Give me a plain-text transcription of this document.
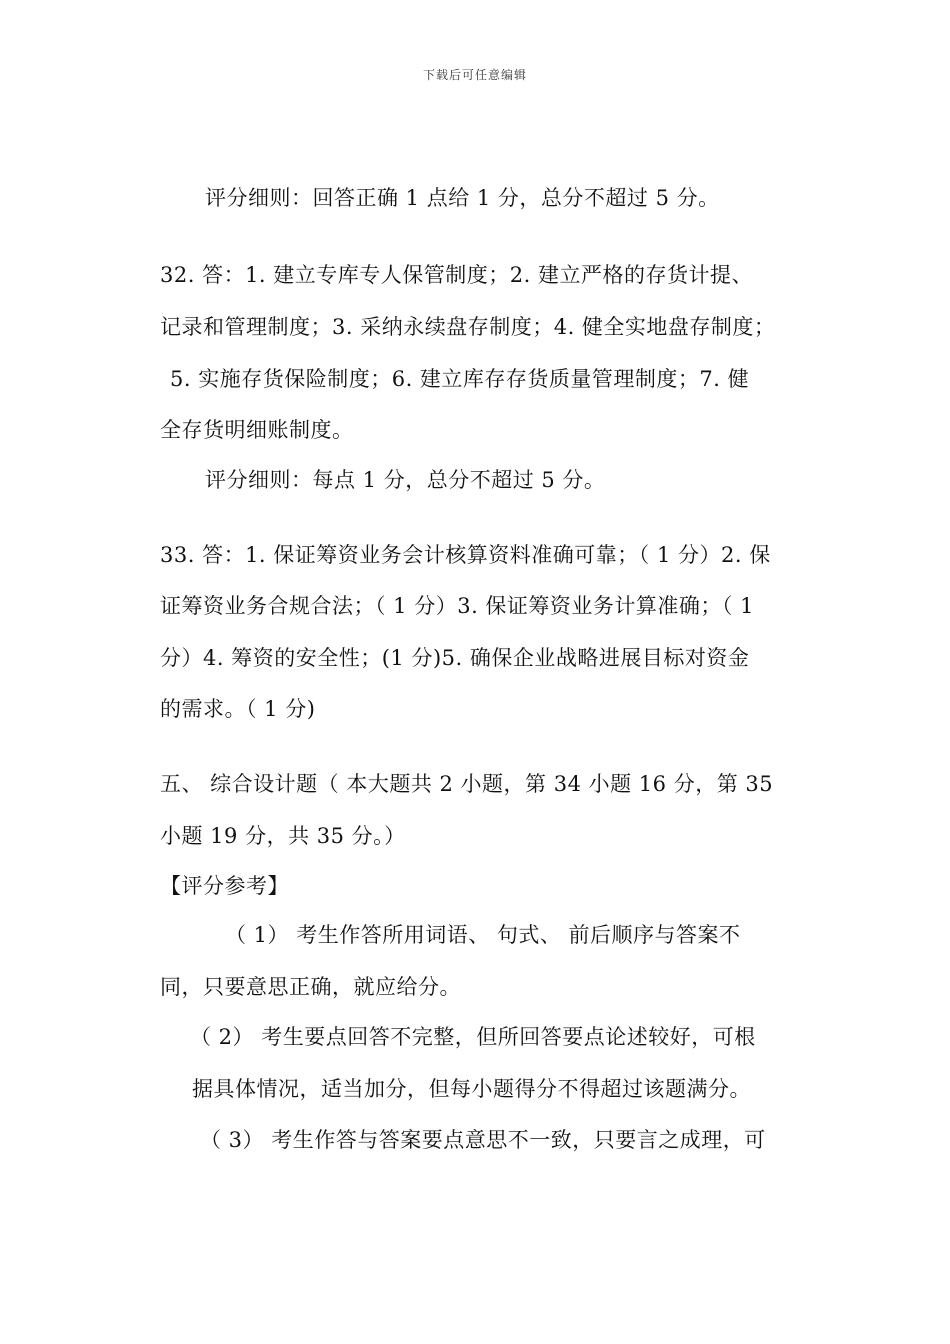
下载后可任意编辑
评分细则：回答正确 1 点给 1 分，总分不超过 5 分。
32. 答：1. 建立专库专人保管制度；2. 建立严格的存货计提、
记录和管理制度；3. 采纳永续盘存制度；4. 健全实地盘存制度；
5. 实施存货保险制度；6. 建立库存存货质量管理制度；7. 健
全存货明细账制度。
评分细则：每点 1 分，总分不超过 5 分。
33. 答：1. 保证筹资业务会计核算资料准确可靠；（ 1 分）2. 保
证筹资业务合规合法；（ 1 分）3. 保证筹资业务计算准确；（ 1
分）4. 筹资的安全性；(1 分)5. 确保企业战略进展目标对资金
的需求。（ 1 分)
五、 综合设计题（ 本大题共 2 小题，第 34 小题 16 分，第 35
小题 19 分，共 35 分。）
【评分参考】
（ 1） 考生作答所用词语、 句式、 前后顺序与答案不
同，只要意思正确，就应给分。
（ 2） 考生要点回答不完整，但所回答要点论述较好，可根
据具体情况，适当加分，但每小题得分不得超过该题满分。
（ 3） 考生作答与答案要点意思不一致，只要言之成理，可
